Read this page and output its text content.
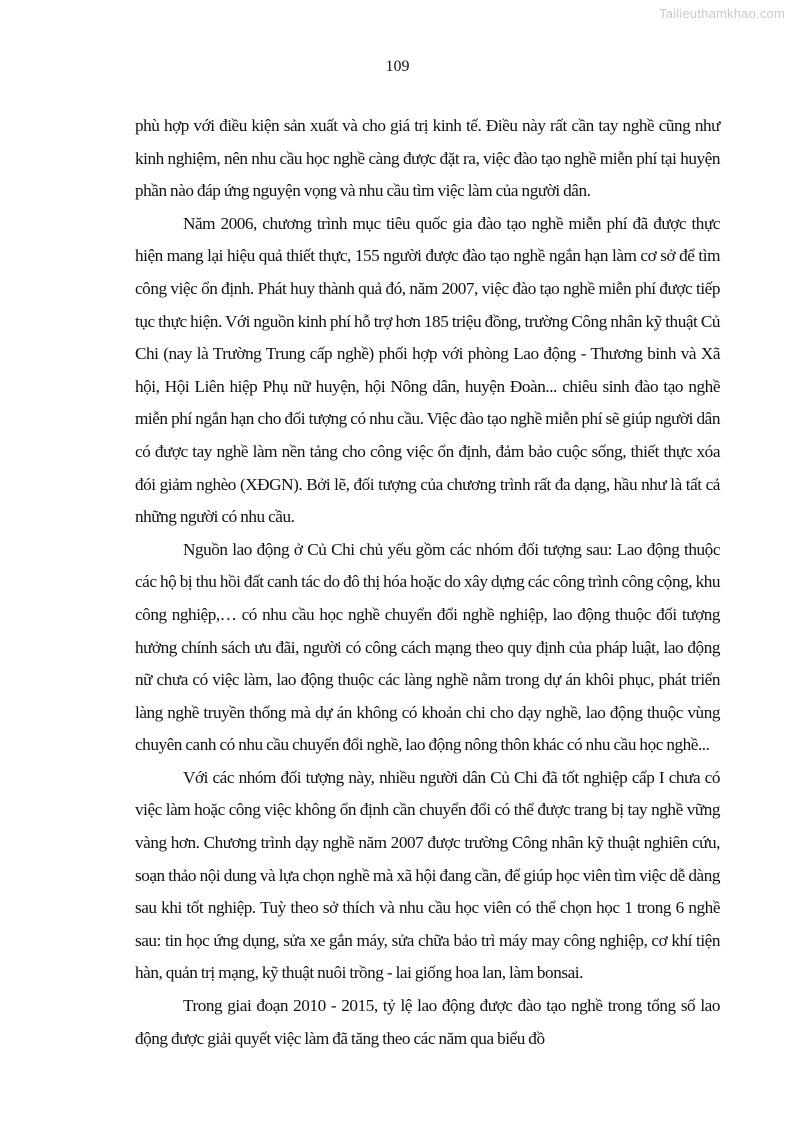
Tailieuthamkhao.com
109

phù hợp với điều kiện sản xuất và cho giá trị kinh tế. Điều này rất cần tay nghề cũng như kinh nghiệm, nên nhu cầu học nghề càng được đặt ra, việc đào tạo nghề miễn phí tại huyện phần nào đáp ứng nguyện vọng và nhu cầu tìm việc làm của người dân.

Năm 2006, chương trình mục tiêu quốc gia đào tạo nghề miễn phí đã được thực hiện mang lại hiệu quả thiết thực, 155 người được đào tạo nghề ngắn hạn làm cơ sở để tìm công việc ổn định. Phát huy thành quả đó, năm 2007, việc đào tạo nghề miễn phí được tiếp tục thực hiện. Với nguồn kinh phí hỗ trợ hơn 185 triệu đồng, trường Công nhân kỹ thuật Củ Chi (nay là Trường Trung cấp nghề) phối hợp với phòng Lao động - Thương binh và Xã hội, Hội Liên hiệp Phụ nữ huyện, hội Nông dân, huyện Đoàn... chiêu sinh đào tạo nghề miễn phí ngắn hạn cho đối tượng có nhu cầu. Việc đào tạo nghề miễn phí sẽ giúp người dân có được tay nghề làm nền tảng cho công việc ổn định, đảm bảo cuộc sống, thiết thực xóa đói giảm nghèo (XĐGN). Bởi lẽ, đối tượng của chương trình rất đa dạng, hầu như là tất cả những người có nhu cầu.

Nguồn lao động ở Củ Chi chủ yếu gồm các nhóm đối tượng sau: Lao động thuộc các hộ bị thu hồi đất canh tác do đô thị hóa hoặc do xây dựng các công trình công cộng, khu công nghiệp,… có nhu cầu học nghề chuyển đổi nghề nghiệp, lao động thuộc đối tượng hưởng chính sách ưu đãi, người có công cách mạng theo quy định của pháp luật, lao động nữ chưa có việc làm, lao động thuộc các làng nghề nằm trong dự án khôi phục, phát triển làng nghề truyền thống mà dự án không có khoản chi cho dạy nghề, lao động thuộc vùng chuyên canh có nhu cầu chuyển đổi nghề, lao động nông thôn khác có nhu cầu học nghề...

Với các nhóm đối tượng này, nhiều người dân Củ Chi đã tốt nghiệp cấp I chưa có việc làm hoặc công việc không ổn định cần chuyển đổi có thể được trang bị tay nghề vững vàng hơn. Chương trình dạy nghề năm 2007 được trường Công nhân kỹ thuật nghiên cứu, soạn thảo nội dung và lựa chọn nghề mà xã hội đang cần, để giúp học viên tìm việc dễ dàng sau khi tốt nghiệp. Tuỳ theo sở thích và nhu cầu học viên có thể chọn học 1 trong 6 nghề sau: tin học ứng dụng, sửa xe gắn máy, sửa chữa bảo trì máy may công nghiệp, cơ khí tiện hàn, quản trị mạng, kỹ thuật nuôi trồng - lai giống hoa lan, làm bonsai.

Trong giai đoạn 2010 - 2015, tỷ lệ lao động được đào tạo nghề trong tổng số lao động được giải quyết việc làm đã tăng theo các năm qua biểu đồ
